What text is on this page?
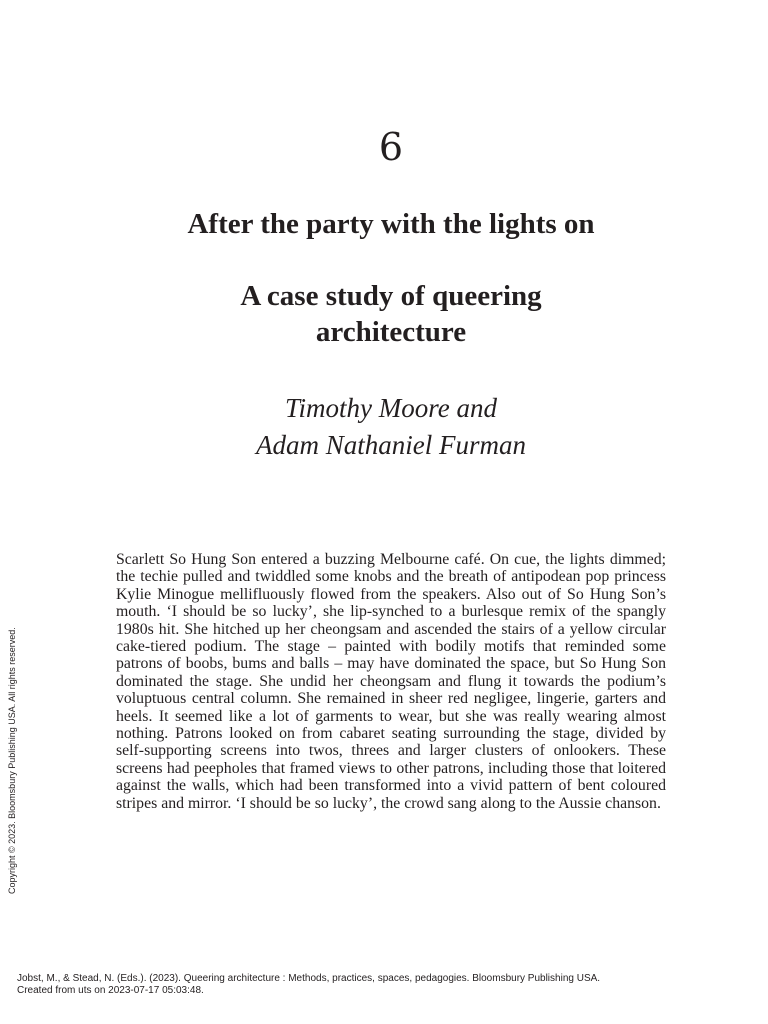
6
After the party with the lights on
A case study of queering architecture
Timothy Moore and
Adam Nathaniel Furman

Scarlett So Hung Son entered a buzzing Melbourne café. On cue, the lights dimmed; the techie pulled and twiddled some knobs and the breath of antipodean pop princess Kylie Minogue mellifluously flowed from the speakers. Also out of So Hung Son’s mouth. ‘I should be so lucky’, she lip-synched to a burlesque remix of the spangly 1980s hit. She hitched up her cheongsam and ascended the stairs of a yellow circular cake-tiered podium. The stage – painted with bodily motifs that reminded some patrons of boobs, bums and balls – may have dominated the space, but So Hung Son dominated the stage. She undid her cheongsam and flung it towards the podium’s voluptuous central column. She remained in sheer red negligee, lingerie, garters and heels. It seemed like a lot of garments to wear, but she was really wearing almost nothing. Patrons looked on from cabaret seating surrounding the stage, divided by self-supporting screens into twos, threes and larger clusters of onlookers. These screens had peepholes that framed views to other patrons, including those that loitered against the walls, which had been transformed into a vivid pattern of bent coloured stripes and mirror. ‘I should be so lucky’, the crowd sang along to the Aussie chanson.

Copyright © 2023. Bloomsbury Publishing USA. All rights reserved.
Jobst, M., & Stead, N. (Eds.). (2023). Queering architecture : Methods, practices, spaces, pedagogies. Bloomsbury Publishing USA.
Created from uts on 2023-07-17 05:03:48.
